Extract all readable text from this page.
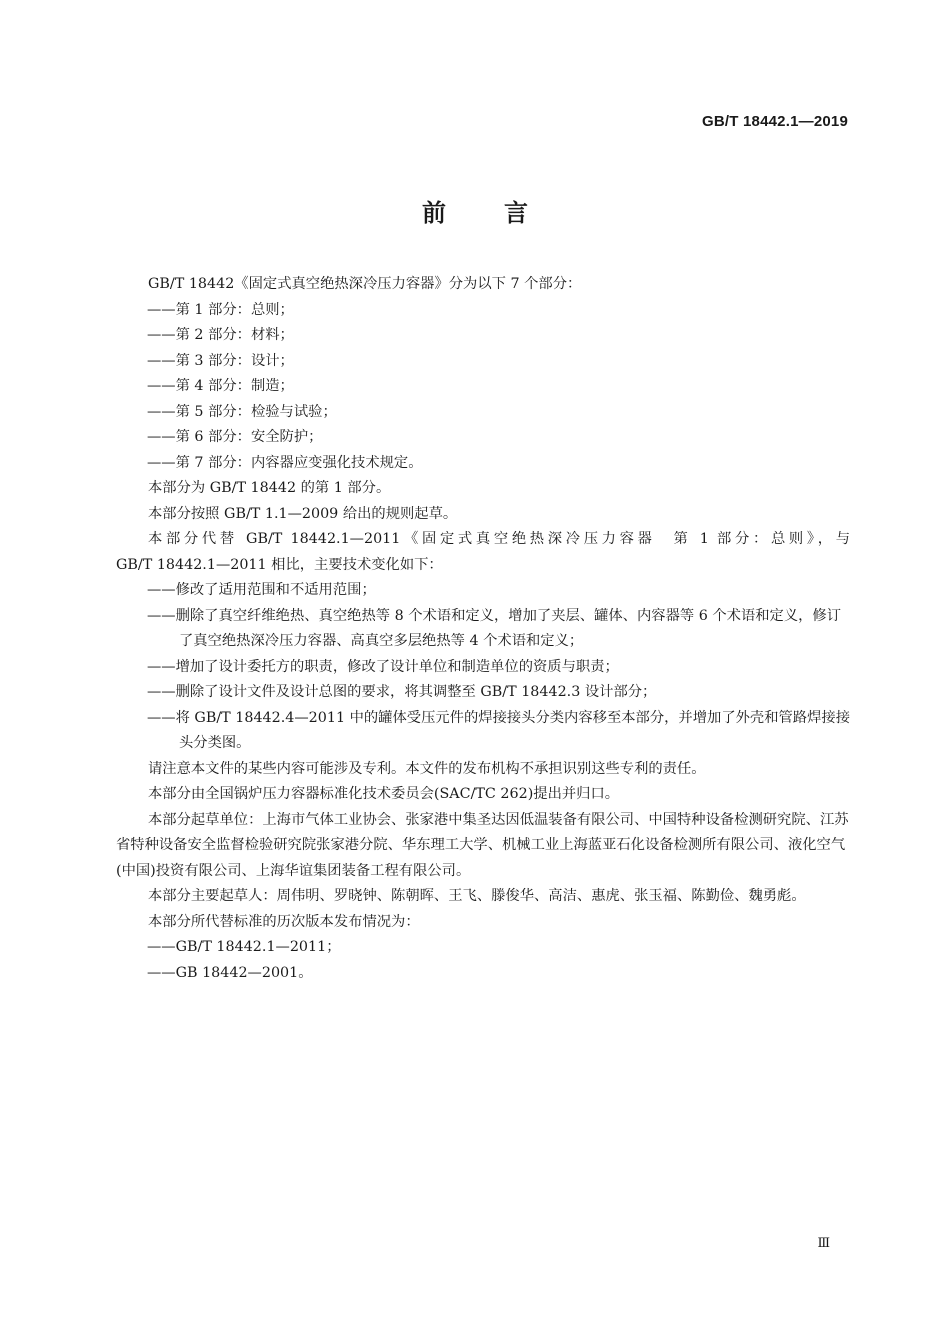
GB/T 18442.1—2019
前言

GB/T 18442《固定式真空绝热深冷压力容器》分为以下 7 个部分：

——第 1 部分：总则；

——第 2 部分：材料；

——第 3 部分：设计；

——第 4 部分：制造；

——第 5 部分：检验与试验；

——第 6 部分：安全防护；

——第 7 部分：内容器应变强化技术规定。

本部分为 GB/T 18442 的第 1 部分。

本部分按照 GB/T 1.1—2009 给出的规则起草。

本部分代替 GB/T 18442.1—2011《固定式真空绝热深冷压力容器　第 1 部分：总则》，与

GB/T 18442.1—2011 相比，主要技术变化如下：

——修改了适用范围和不适用范围；

——删除了真空纤维绝热、真空绝热等 8 个术语和定义，增加了夹层、罐体、内容器等 6 个术语和定义，修订了真空绝热深冷压力容器、高真空多层绝热等 4 个术语和定义；

——增加了设计委托方的职责，修改了设计单位和制造单位的资质与职责；

——删除了设计文件及设计总图的要求，将其调整至 GB/T 18442.3 设计部分；

——将 GB/T 18442.4—2011 中的罐体受压元件的焊接接头分类内容移至本部分，并增加了外壳和管路焊接接头分类图。

请注意本文件的某些内容可能涉及专利。本文件的发布机构不承担识别这些专利的责任。

本部分由全国锅炉压力容器标准化技术委员会(SAC/TC 262)提出并归口。

本部分起草单位：上海市气体工业协会、张家港中集圣达因低温装备有限公司、中国特种设备检测研究院、江苏省特种设备安全监督检验研究院张家港分院、华东理工大学、机械工业上海蓝亚石化设备检测所有限公司、液化空气(中国)投资有限公司、上海华谊集团装备工程有限公司。

本部分主要起草人：周伟明、罗晓钟、陈朝晖、王飞、滕俊华、高洁、惠虎、张玉福、陈勤俭、魏勇彪。

本部分所代替标准的历次版本发布情况为：

——GB/T 18442.1—2011；

——GB 18442—2001。

Ⅲ
